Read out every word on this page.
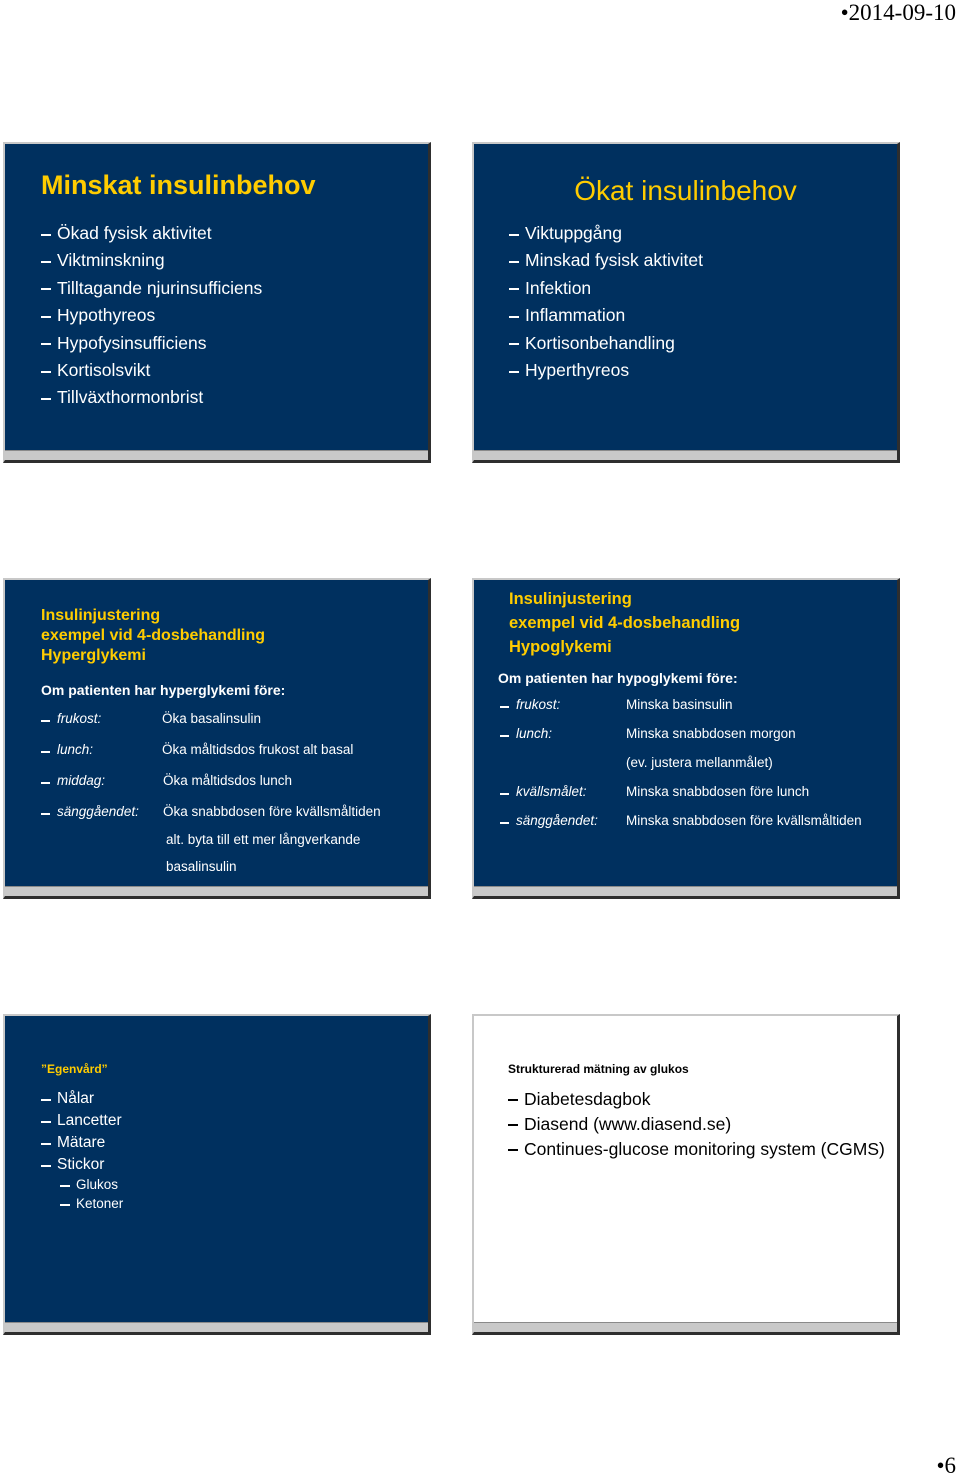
•2014-09-10
Minskat insulinbehov
Ökad fysisk aktivitet
Viktminskning
Tilltagande njurinsufficiens
Hypothyreos
Hypofysinsufficiens
Kortisolsvikt
Tillväxthormonbrist
Ökat insulinbehov
Viktuppgång
Minskad fysisk aktivitet
Infektion
Inflammation
Kortisonbehandling
Hyperthyreos
Insulinjustering
exempel vid 4-dosbehandling
Hyperglykemi
Om patienten har hyperglykemi före:
frukost:	Öka basalinsulin
lunch:	Öka måltidsdos frukost alt basal
middag:	Öka måltidsdos lunch
sänggåendet: Öka snabbdosen före kvällsmåltiden
alt. byta till ett mer långverkande
basalinsulin
Insulinjustering
exempel vid 4-dosbehandling
Hypoglykemi
Om patienten har hypoglykemi före:
frukost:	Minska basinsulin
lunch:	Minska snabbdosen morgon
(ev. justera mellanmålet)
kvällsmålet:	Minska snabbdosen före lunch
sänggåendet: Minska snabbdosen före kvällsmåltiden
”Egenvård”
Nålar
Lancetter
Mätare
Stickor
Glukos
Ketoner
Strukturerad mätning av glukos
Diabetesdagbok
Diasend (www.diasend.se)
Continues-glucose monitoring system (CGMS)
•6
